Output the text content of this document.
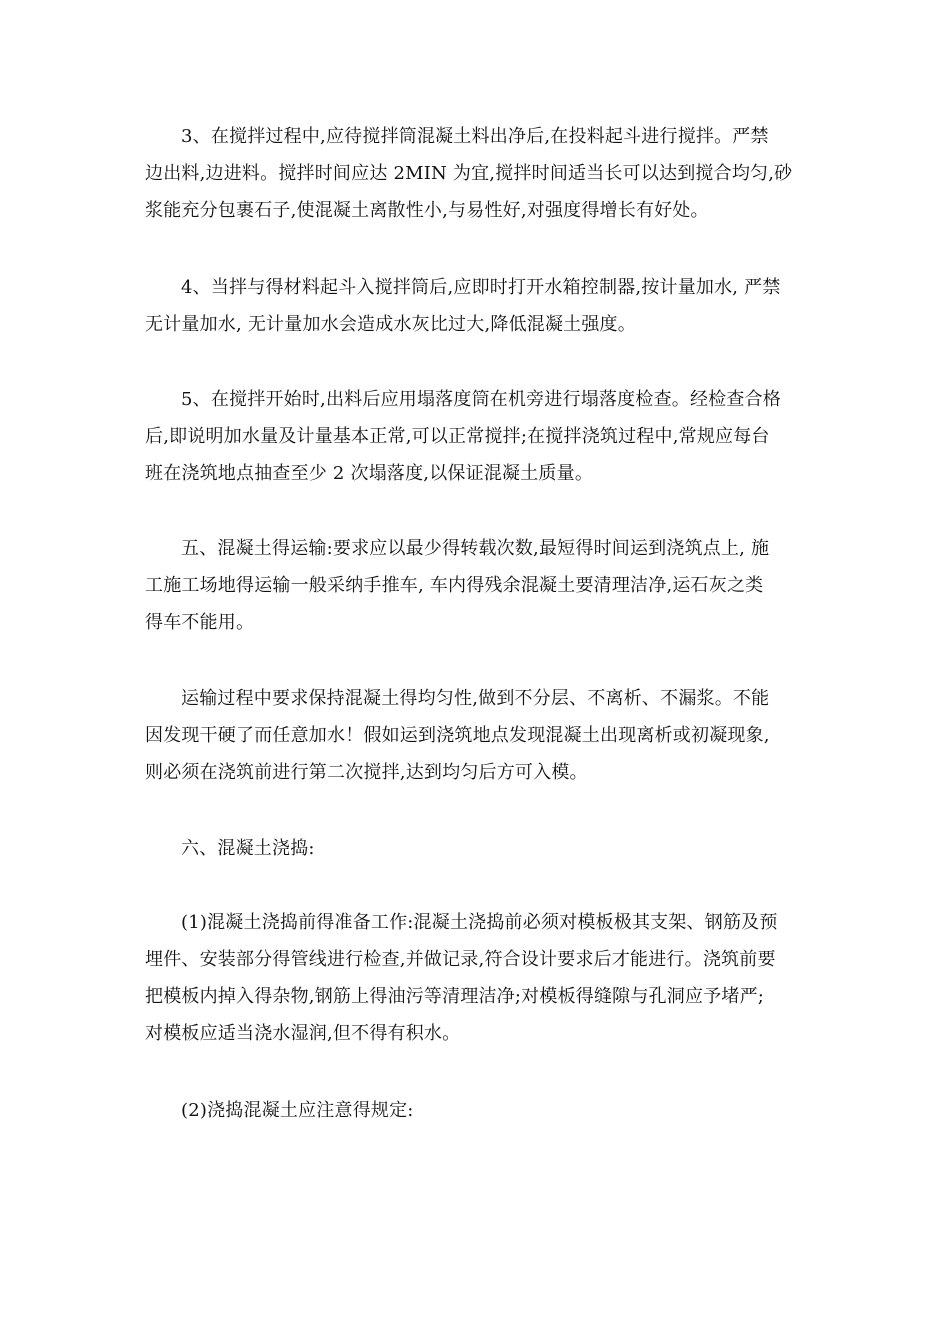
3、在搅拌过程中,应待搅拌筒混凝土料出净后,在投料起斗进行搅拌。严禁
边出料,边进料。搅拌时间应达 2MIN 为宜,搅拌时间适当长可以达到搅合均匀,砂
浆能充分包裹石子,使混凝土离散性小,与易性好,对强度得增长有好处。

4、当拌与得材料起斗入搅拌筒后,应即时打开水箱控制器,按计量加水, 严禁
无计量加水, 无计量加水会造成水灰比过大,降低混凝土强度。

5、在搅拌开始时,出料后应用塌落度筒在机旁进行塌落度检查。经检查合格
后,即说明加水量及计量基本正常,可以正常搅拌;在搅拌浇筑过程中,常规应每台
班在浇筑地点抽查至少 2 次塌落度,以保证混凝土质量。

五、混凝土得运输:要求应以最少得转载次数,最短得时间运到浇筑点上, 施
工施工场地得运输一般采纳手推车, 车内得残余混凝土要清理洁净,运石灰之类
得车不能用。

运输过程中要求保持混凝土得均匀性,做到不分层、不离析、不漏浆。不能
因发现干硬了而任意加水！假如运到浇筑地点发现混凝土出现离析或初凝现象,
则必须在浇筑前进行第二次搅拌,达到均匀后方可入模。

六、混凝土浇捣:

(1)混凝土浇捣前得准备工作:混凝土浇捣前必须对模板极其支架、钢筋及预
埋件、安装部分得管线进行检查,并做记录,符合设计要求后才能进行。浇筑前要
把模板内掉入得杂物,钢筋上得油污等清理洁净;对模板得缝隙与孔洞应予堵严;
对模板应适当浇水湿润,但不得有积水。

(2)浇捣混凝土应注意得规定:
